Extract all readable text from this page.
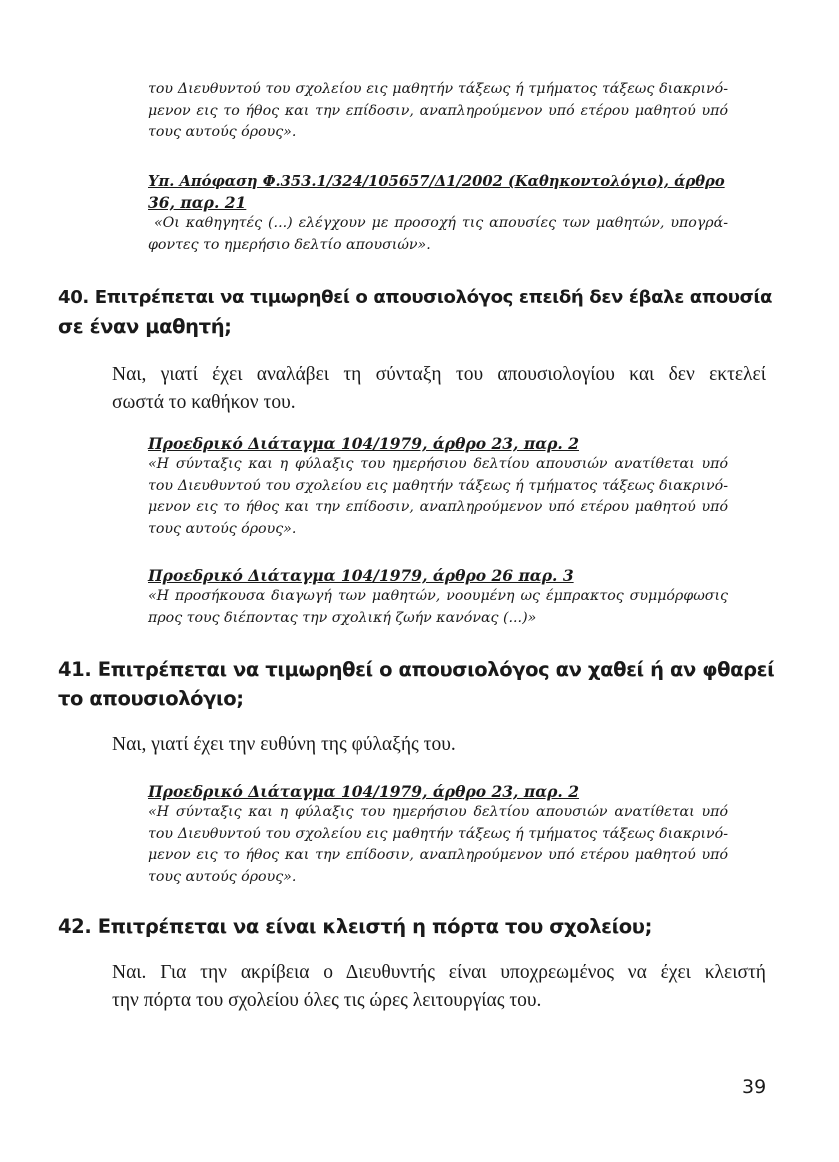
του Διευθυντού του σχολείου εις μαθητήν τάξεως ή τμήματος τάξεως διακρινό-
μενον εις το ήθος και την επίδοσιν, αναπληρούμενον υπό ετέρου μαθητού υπό
τους αυτούς όρους».
Υπ. Απόφαση Φ.353.1/324/105657/Δ1/2002 (Καθηκοντολόγιο), άρθρο
36, παρ. 21
«Οι καθηγητές (...) ελέγχουν με προσοχή τις απουσίες των μαθητών, υπογρά-
φοντες το ημερήσιο δελτίο απουσιών».
40. Επιτρέπεται να τιμωρηθεί ο απουσιολόγος επειδή δεν έβαλε απουσία
σε έναν μαθητή;
Ναι, γιατί έχει αναλάβει τη σύνταξη του απουσιολογίου και δεν εκτελεί
σωστά το καθήκον του.
Προεδρικό Διάταγμα 104/1979, άρθρο 23, παρ. 2
«Η σύνταξις και η φύλαξις του ημερήσιου δελτίου απουσιών ανατίθεται υπό
του Διευθυντού του σχολείου εις μαθητήν τάξεως ή τμήματος τάξεως διακρινό-
μενον εις το ήθος και την επίδοσιν, αναπληρούμενον υπό ετέρου μαθητού υπό
τους αυτούς όρους».
Προεδρικό Διάταγμα 104/1979, άρθρο 26 παρ. 3
«Η προσήκουσα διαγωγή των μαθητών, νοουμένη ως έμπρακτος συμμόρφωσις
προς τους διέποντας την σχολική ζωήν κανόνας (...)»
41. Επιτρέπεται να τιμωρηθεί ο απουσιολόγος αν χαθεί ή αν φθαρεί
το απουσιολόγιο;
Ναι, γιατί έχει την ευθύνη της φύλαξής του.
Προεδρικό Διάταγμα 104/1979, άρθρο 23, παρ. 2
«Η σύνταξις και η φύλαξις του ημερήσιου δελτίου απουσιών ανατίθεται υπό
του Διευθυντού του σχολείου εις μαθητήν τάξεως ή τμήματος τάξεως διακρινό-
μενον εις το ήθος και την επίδοσιν, αναπληρούμενον υπό ετέρου μαθητού υπό
τους αυτούς όρους».
42. Επιτρέπεται να είναι κλειστή η πόρτα του σχολείου;
Ναι. Για την ακρίβεια ο Διευθυντής είναι υποχρεωμένος να έχει κλειστή
την πόρτα του σχολείου όλες τις ώρες λειτουργίας του.
39
